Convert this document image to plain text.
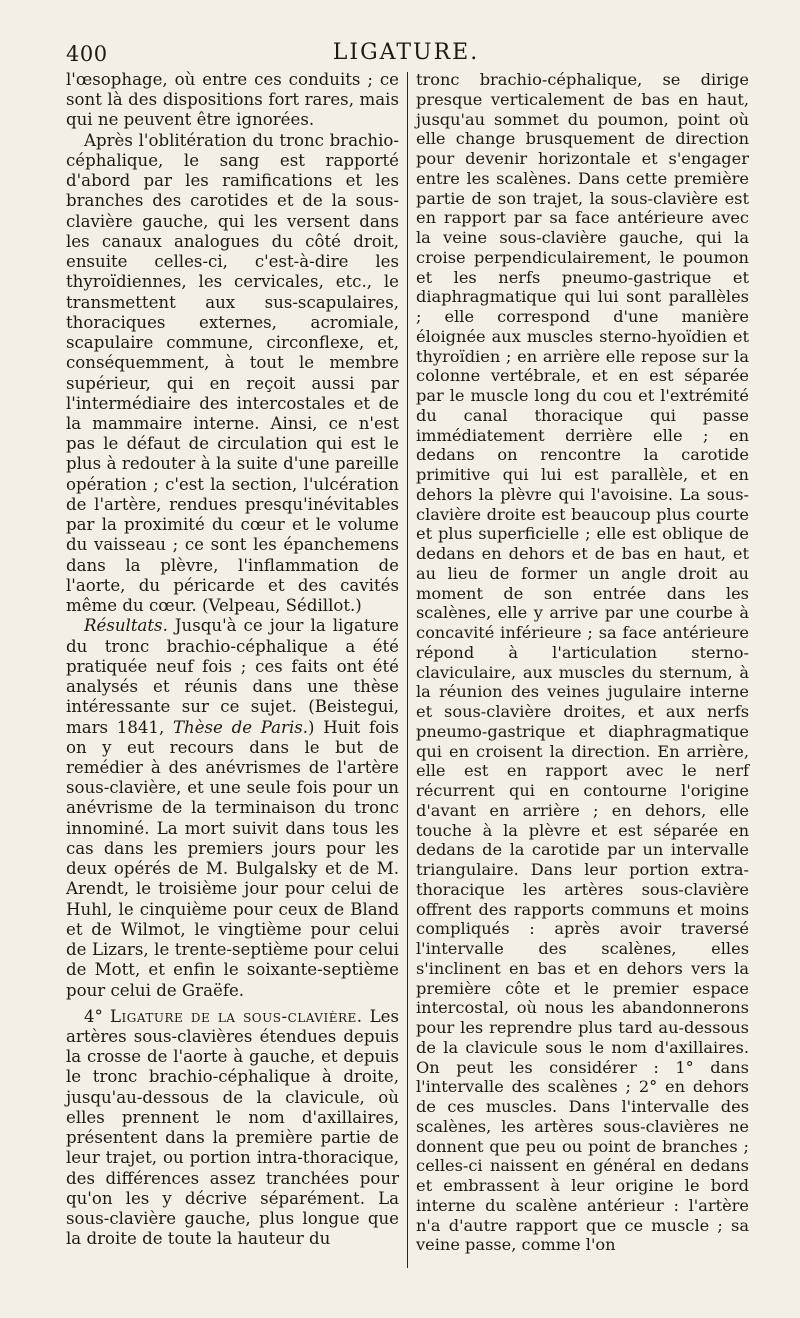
400	LIGATURE.

l'œsophage, où entre ces conduits ; ce sont là des dispositions fort rares, mais qui ne peuvent être ignorées.

Après l'oblitération du tronc brachio-céphalique, le sang est rapporté d'abord par les ramifications et les branches des carotides et de la sous-clavière gauche, qui les versent dans les canaux analogues du côté droit, ensuite celles-ci, c'est-à-dire les thyroïdiennes, les cervicales, etc., le transmettent aux sus-scapulaires, thoraciques externes, acromiale, scapulaire commune, circonflexe, et, conséquemment, à tout le membre supérieur, qui en reçoit aussi par l'intermédiaire des intercostales et de la mammaire interne. Ainsi, ce n'est pas le défaut de circulation qui est le plus à redouter à la suite d'une pareille opération ; c'est la section, l'ulcération de l'artère, rendues presqu'inévitables par la proximité du cœur et le volume du vaisseau ; ce sont les épanchemens dans la plèvre, l'inflammation de l'aorte, du péricarde et des cavités même du cœur. (Velpeau, Sédillot.)

Résultats. Jusqu'à ce jour la ligature du tronc brachio-céphalique a été pratiquée neuf fois ; ces faits ont été analysés et réunis dans une thèse intéressante sur ce sujet. (Beistegui, mars 1841, Thèse de Paris.) Huit fois on y eut recours dans le but de remédier à des anévrismes de l'artère sous-clavière, et une seule fois pour un anévrisme de la terminaison du tronc innominé. La mort suivit dans tous les cas dans les premiers jours pour les deux opérés de M. Bulgalsky et de M. Arendt, le troisième jour pour celui de Huhl, le cinquième pour ceux de Bland et de Wilmot, le vingtième pour celui de Lizars, le trente-septième pour celui de Mott, et enfin le soixante-septième pour celui de Graëfe.

4° Ligature de la sous-clavière. Les artères sous-clavières étendues depuis la crosse de l'aorte à gauche, et depuis le tronc brachio-céphalique à droite, jusqu'au-dessous de la clavicule, où elles prennent le nom d'axillaires, présentent dans la première partie de leur trajet, ou portion intra-thoracique, des différences assez tranchées pour qu'on les y décrive séparément. La sous-clavière gauche, plus longue que la droite de toute la hauteur du

tronc brachio-céphalique, se dirige presque verticalement de bas en haut, jusqu'au sommet du poumon, point où elle change brusquement de direction pour devenir horizontale et s'engager entre les scalènes. Dans cette première partie de son trajet, la sous-clavière est en rapport par sa face antérieure avec la veine sous-clavière gauche, qui la croise perpendiculairement, le poumon et les nerfs pneumo-gastrique et diaphragmatique qui lui sont parallèles ; elle correspond d'une manière éloignée aux muscles sterno-hyoïdien et thyroïdien ; en arrière elle repose sur la colonne vertébrale, et en est séparée par le muscle long du cou et l'extrémité du canal thoracique qui passe immédiatement derrière elle ; en dedans on rencontre la carotide primitive qui lui est parallèle, et en dehors la plèvre qui l'avoisine. La sous-clavière droite est beaucoup plus courte et plus superficielle ; elle est oblique de dedans en dehors et de bas en haut, et au lieu de former un angle droit au moment de son entrée dans les scalènes, elle y arrive par une courbe à concavité inférieure ; sa face antérieure répond à l'articulation sterno-claviculaire, aux muscles du sternum, à la réunion des veines jugulaire interne et sous-clavière droites, et aux nerfs pneumo-gastrique et diaphragmatique qui en croisent la direction. En arrière, elle est en rapport avec le nerf récurrent qui en contourne l'origine d'avant en arrière ; en dehors, elle touche à la plèvre et est séparée en dedans de la carotide par un intervalle triangulaire. Dans leur portion extra-thoracique les artères sous-clavière offrent des rapports communs et moins compliqués : après avoir traversé l'intervalle des scalènes, elles s'inclinent en bas et en dehors vers la première côte et le premier espace intercostal, où nous les abandonnerons pour les reprendre plus tard au-dessous de la clavicule sous le nom d'axillaires. On peut les considérer : 1° dans l'intervalle des scalènes ; 2° en dehors de ces muscles. Dans l'intervalle des scalènes, les artères sous-clavières ne donnent que peu ou point de branches ; celles-ci naissent en général en dedans et embrassent à leur origine le bord interne du scalène antérieur : l'artère n'a d'autre rapport que ce muscle ; sa veine passe, comme l'on
